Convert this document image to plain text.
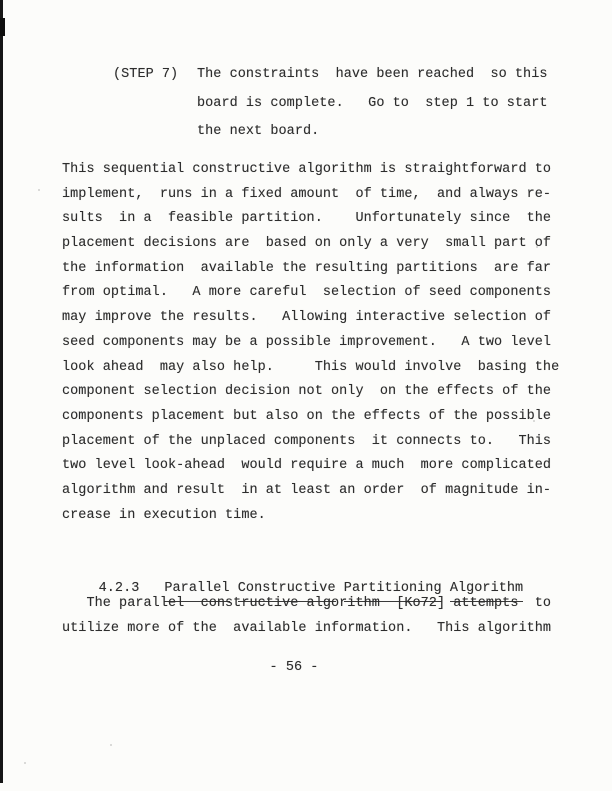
(STEP 7)	The constraints  have been reached  so this
board is complete.   Go to  step 1 to start
the next board.
This sequential constructive algorithm is straightforward to
implement,  runs in a fixed amount  of time,  and always re-
sults  in a  feasible partition.    Unfortunately since  the
placement decisions are  based on only a very  small part of
the information  available the resulting partitions  are far
from optimal.   A more careful  selection of seed components
may improve the results.   Allowing interactive selection of
seed components may be a possible improvement.   A two level
look ahead  may also help.     This would involve  basing the
component selection decision not only  on the effects of the
components placement but also on the effects of the possible
placement of the unplaced components  it connects to.   This
two level look-ahead  would require a much  more complicated
algorithm and result  in at least an order  of magnitude in-
crease in execution time.

4.2.3 Parallel Constructive Partitioning Algorithm

The parallel  constructive algorithm  [Ko72] attempts  to
utilize more of the  available information.   This algorithm
- 56 -
